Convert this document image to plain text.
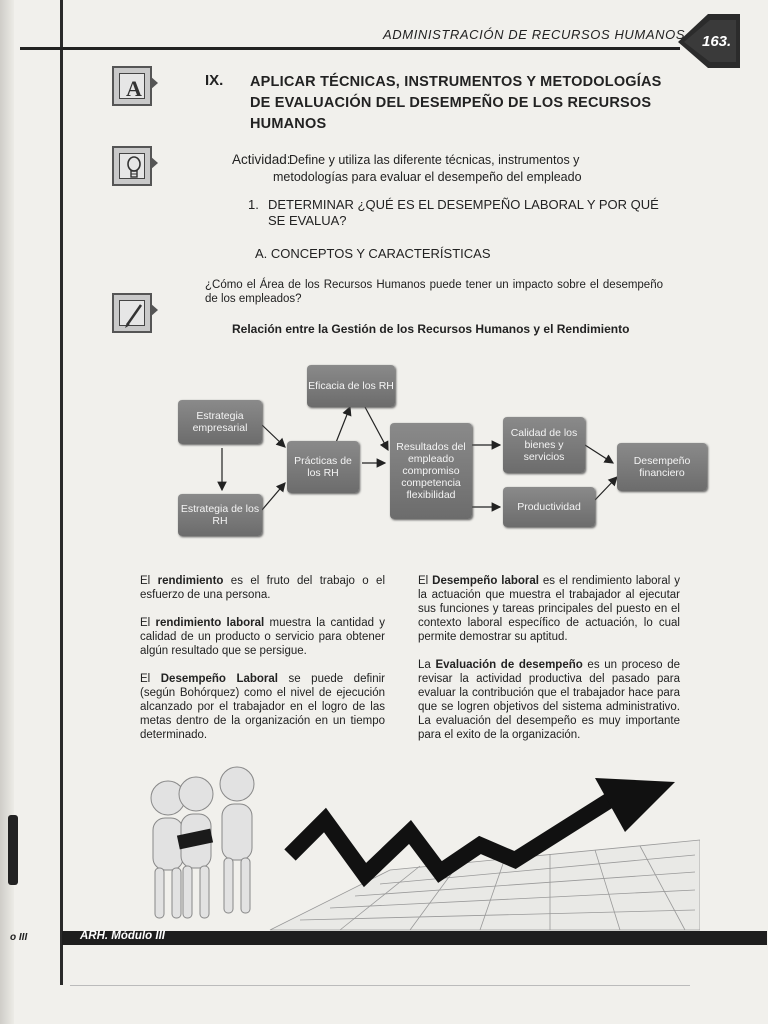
ADMINISTRACIÓN DE RECURSOS HUMANOS 163.
A	IX. APLICAR TÉCNICAS, INSTRUMENTOS Y METODOLOGÍAS DE EVALUACIÓN DEL DESEMPEÑO DE LOS RECURSOS HUMANOS
Actividad:
Define y utiliza las diferente técnicas, instrumentos y
metodologías para evaluar el desempeño del empleado
1. DETERMINAR ¿QUÉ ES EL DESEMPEÑO LABORAL Y POR QUÉ SE EVALUA?
A. CONCEPTOS Y CARACTERÍSTICAS
¿Cómo el Área de los Recursos Humanos puede tener un impacto sobre el desempeño de los empleados?
Relación entre la Gestión de los Recursos Humanos y el Rendimiento
Estrategia empresarial
Estrategia de los RH
Prácticas de los RH
Eficacia de los RH
Resultados del empleado compromiso competencia flexibilidad
Calidad de los bienes y servicios
Productividad
Desempeño financiero

El rendimiento es el fruto del trabajo o el esfuerzo de una persona.

El rendimiento laboral muestra la cantidad y calidad de un producto o servicio para obtener algún resultado que se persigue.

El Desempeño Laboral se puede definir (según Bohórquez) como el nivel de ejecución alcanzado por el trabajador en el logro de las metas dentro de la organización en un tiempo determinado.

El Desempeño laboral es el rendimiento laboral y la actuación que muestra el trabajador al ejecutar sus funciones y tareas principales del puesto en el contexto laboral específico de actuación, lo cual permite demostrar su aptitud.

La Evaluación de desempeño es un proceso de revisar la actividad productiva del pasado para evaluar la contribución que el trabajador hace para que se logren objetivos del sistema administrativo. La evaluación del desempeño es muy importante para el exito de la organización.

ARH. Módulo III
o III
